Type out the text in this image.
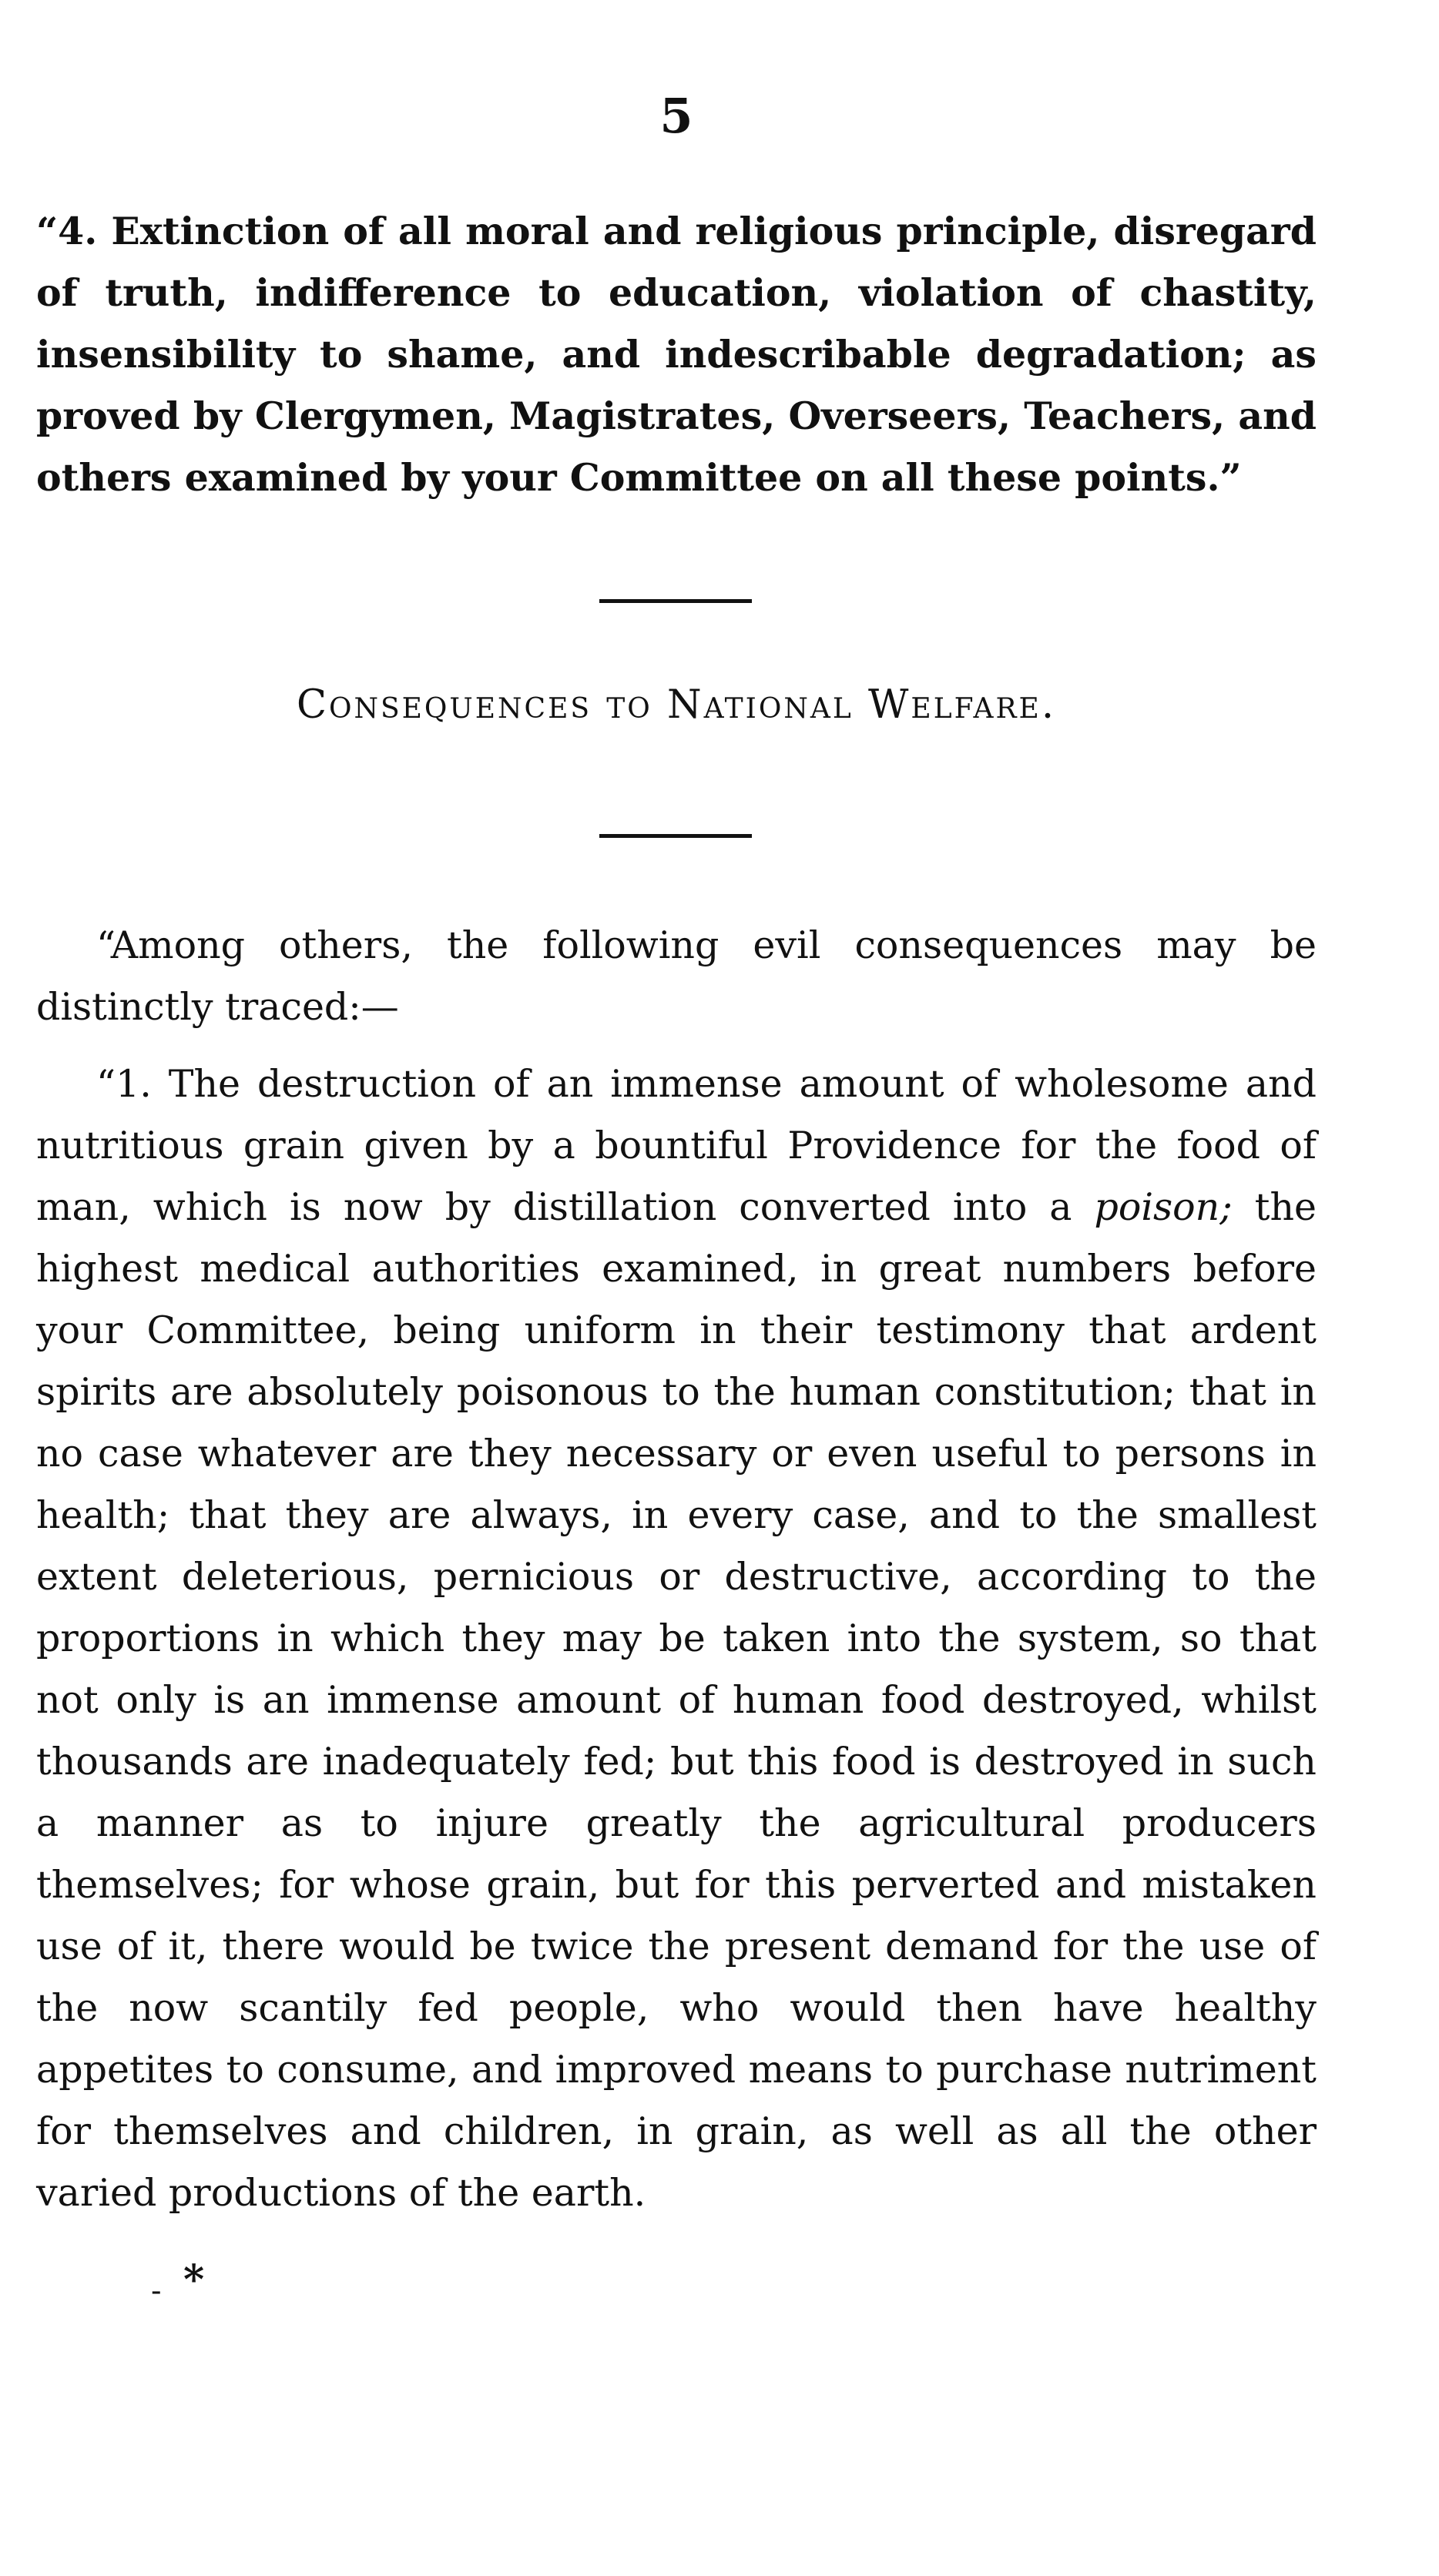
5

“4. Extinction of all moral and religious principle, disregard of truth, indifference to education, violation of chastity, insensibility to shame, and indescribable degradation; as proved by Clergymen, Magistrates, Overseers, Teachers, and others examined by your Committee on all these points.”

Consequences to National Welfare.

“Among others, the following evil consequences may be distinctly traced:—

“1. The destruction of an immense amount of wholesome and nutritious grain given by a bountiful Providence for the food of man, which is now by distillation converted into a poison; the highest medical authorities examined, in great numbers before your Committee, being uniform in their testimony that ardent spirits are absolutely poisonous to the human constitution; that in no case whatever are they necessary or even useful to persons in health; that they are always, in every case, and to the smallest extent deleterious, pernicious or destructive, according to the proportions in which they may be taken into the system, so that not only is an immense amount of human food destroyed, whilst thousands are inadequately fed; but this food is destroyed in such a manner as to injure greatly the agricultural producers themselves; for whose grain, but for this perverted and mistaken use of it, there would be twice the present demand for the use of the now scantily fed people, who would then have healthy appetites to consume, and improved means to purchase nutriment for themselves and children, in grain, as well as all the other varied productions of the earth.

- *
